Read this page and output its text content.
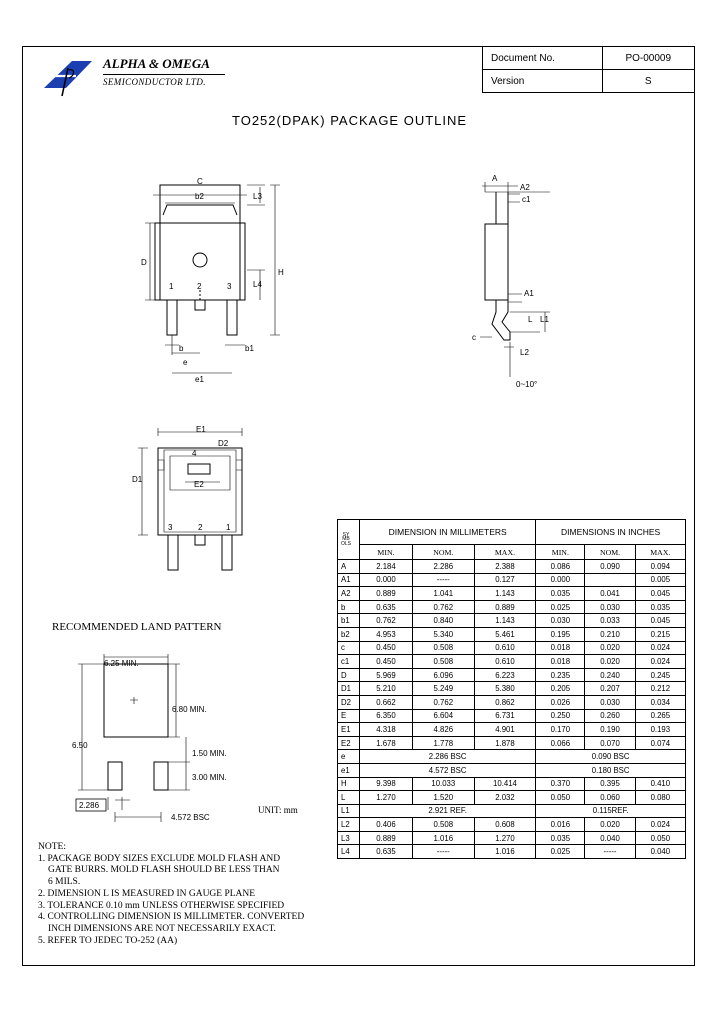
ALPHA & OMEGA
SEMICONDUCTOR LTD.
Document No.	PO-00009
Version	S
TO252(DPAK) PACKAGE OUTLINE
C
b2	L3
D
H
L4
1	2	3
b
e
b1
e1
A
A2
c1
A1
L L1
c
L2
0~10°
E1
D2
4
E2
D1
3	2	1
RECOMMENDED LAND PATTERN
6.25 MIN.
6.80 MIN.
6.50
1.50 MIN.
3.00 MIN.
2.286
4.572 BSC
UNIT: mm
NOTE:
1. PACKAGE BODY SIZES EXCLUDE MOLD FLASH AND
GATE BURRS. MOLD FLASH SHOULD BE LESS THAN
6 MILS.
2. DIMENSION L IS MEASURED IN GAUGE PLANE
3. TOLERANCE 0.10 mm UNLESS OTHERWISE SPECIFIED
4. CONTROLLING DIMENSION IS MILLIMETER. CONVERTED
INCH DIMENSIONS ARE NOT NECESSARILY EXACT.
5. REFER TO JEDEC TO-252 (AA)
SYMBOLS	DIMENSION IN MILLIMETERS			DIMENSIONS IN INCHES		
	MIN.	NOM.	MAX.	MIN.	NOM.	MAX.
A	2.184	2.286	2.388	0.086	0.090	0.094
A1	0.000	-----	0.127	0.000		0.005
A2	0.889	1.041	1.143	0.035	0.041	0.045
b	0.635	0.762	0.889	0.025	0.030	0.035
b1	0.762	0.840	1.143	0.030	0.033	0.045
b2	4.953	5.340	5.461	0.195	0.210	0.215
c	0.450	0.508	0.610	0.018	0.020	0.024
c1	0.450	0.508	0.610	0.018	0.020	0.024
D	5.969	6.096	6.223	0.235	0.240	0.245
D1	5.210	5.249	5.380	0.205	0.207	0.212
D2	0.662	0.762	0.862	0.026	0.030	0.034
E	6.350	6.604	6.731	0.250	0.260	0.265
E1	4.318	4.826	4.901	0.170	0.190	0.193
E2	1.678	1.778	1.878	0.066	0.070	0.074
e	2.286 BSC			0.090 BSC		
e1	4.572 BSC			0.180 BSC		
H	9.398	10.033	10.414	0.370	0.395	0.410
L	1.270	1.520	2.032	0.050	0.060	0.080
L1	2.921 REF.			0.115REF.		
L2	0.406	0.508	0.608	0.016	0.020	0.024
L3	0.889	1.016	1.270	0.035	0.040	0.050
L4	0.635	-----	1.016	0.025	-----	0.040
